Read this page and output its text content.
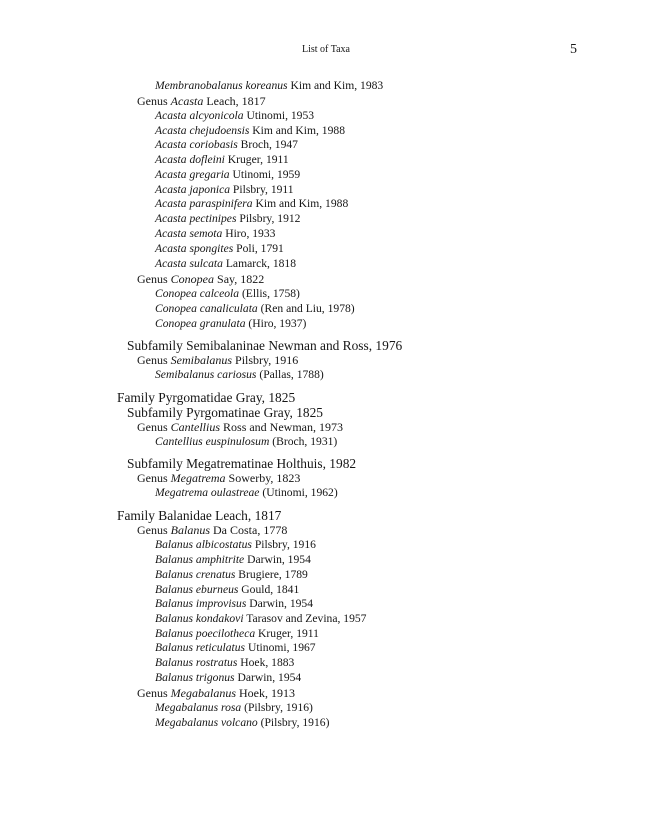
List of Taxa	5
Membranobalanus koreanus Kim and Kim, 1983
Genus Acasta Leach, 1817
Acasta alcyonicola Utinomi, 1953
Acasta chejudoensis Kim and Kim, 1988
Acasta coriobasis Broch, 1947
Acasta dofleini Kruger, 1911
Acasta gregaria Utinomi, 1959
Acasta japonica Pilsbry, 1911
Acasta paraspinifera Kim and Kim, 1988
Acasta pectinipes Pilsbry, 1912
Acasta semota Hiro, 1933
Acasta spongites Poli, 1791
Acasta sulcata Lamarck, 1818
Genus Conopea Say, 1822
Conopea calceola (Ellis, 1758)
Conopea canaliculata (Ren and Liu, 1978)
Conopea granulata (Hiro, 1937)
Subfamily Semibalaninae Newman and Ross, 1976
Genus Semibalanus Pilsbry, 1916
Semibalanus cariosus (Pallas, 1788)
Family Pyrgomatidae Gray, 1825
Subfamily Pyrgomatinae Gray, 1825
Genus Cantellius Ross and Newman, 1973
Cantellius euspinulosum (Broch, 1931)
Subfamily Megatrematinae Holthuis, 1982
Genus Megatrema Sowerby, 1823
Megatrema oulastreae (Utinomi, 1962)
Family Balanidae Leach, 1817
Genus Balanus Da Costa, 1778
Balanus albicostatus Pilsbry, 1916
Balanus amphitrite Darwin, 1954
Balanus crenatus Brugiere, 1789
Balanus eburneus Gould, 1841
Balanus improvisus Darwin, 1954
Balanus kondakovi Tarasov and Zevina, 1957
Balanus poecilotheca Kruger, 1911
Balanus reticulatus Utinomi, 1967
Balanus rostratus Hoek, 1883
Balanus trigonus Darwin, 1954
Genus Megabalanus Hoek, 1913
Megabalanus rosa (Pilsbry, 1916)
Megabalanus volcano (Pilsbry, 1916)
